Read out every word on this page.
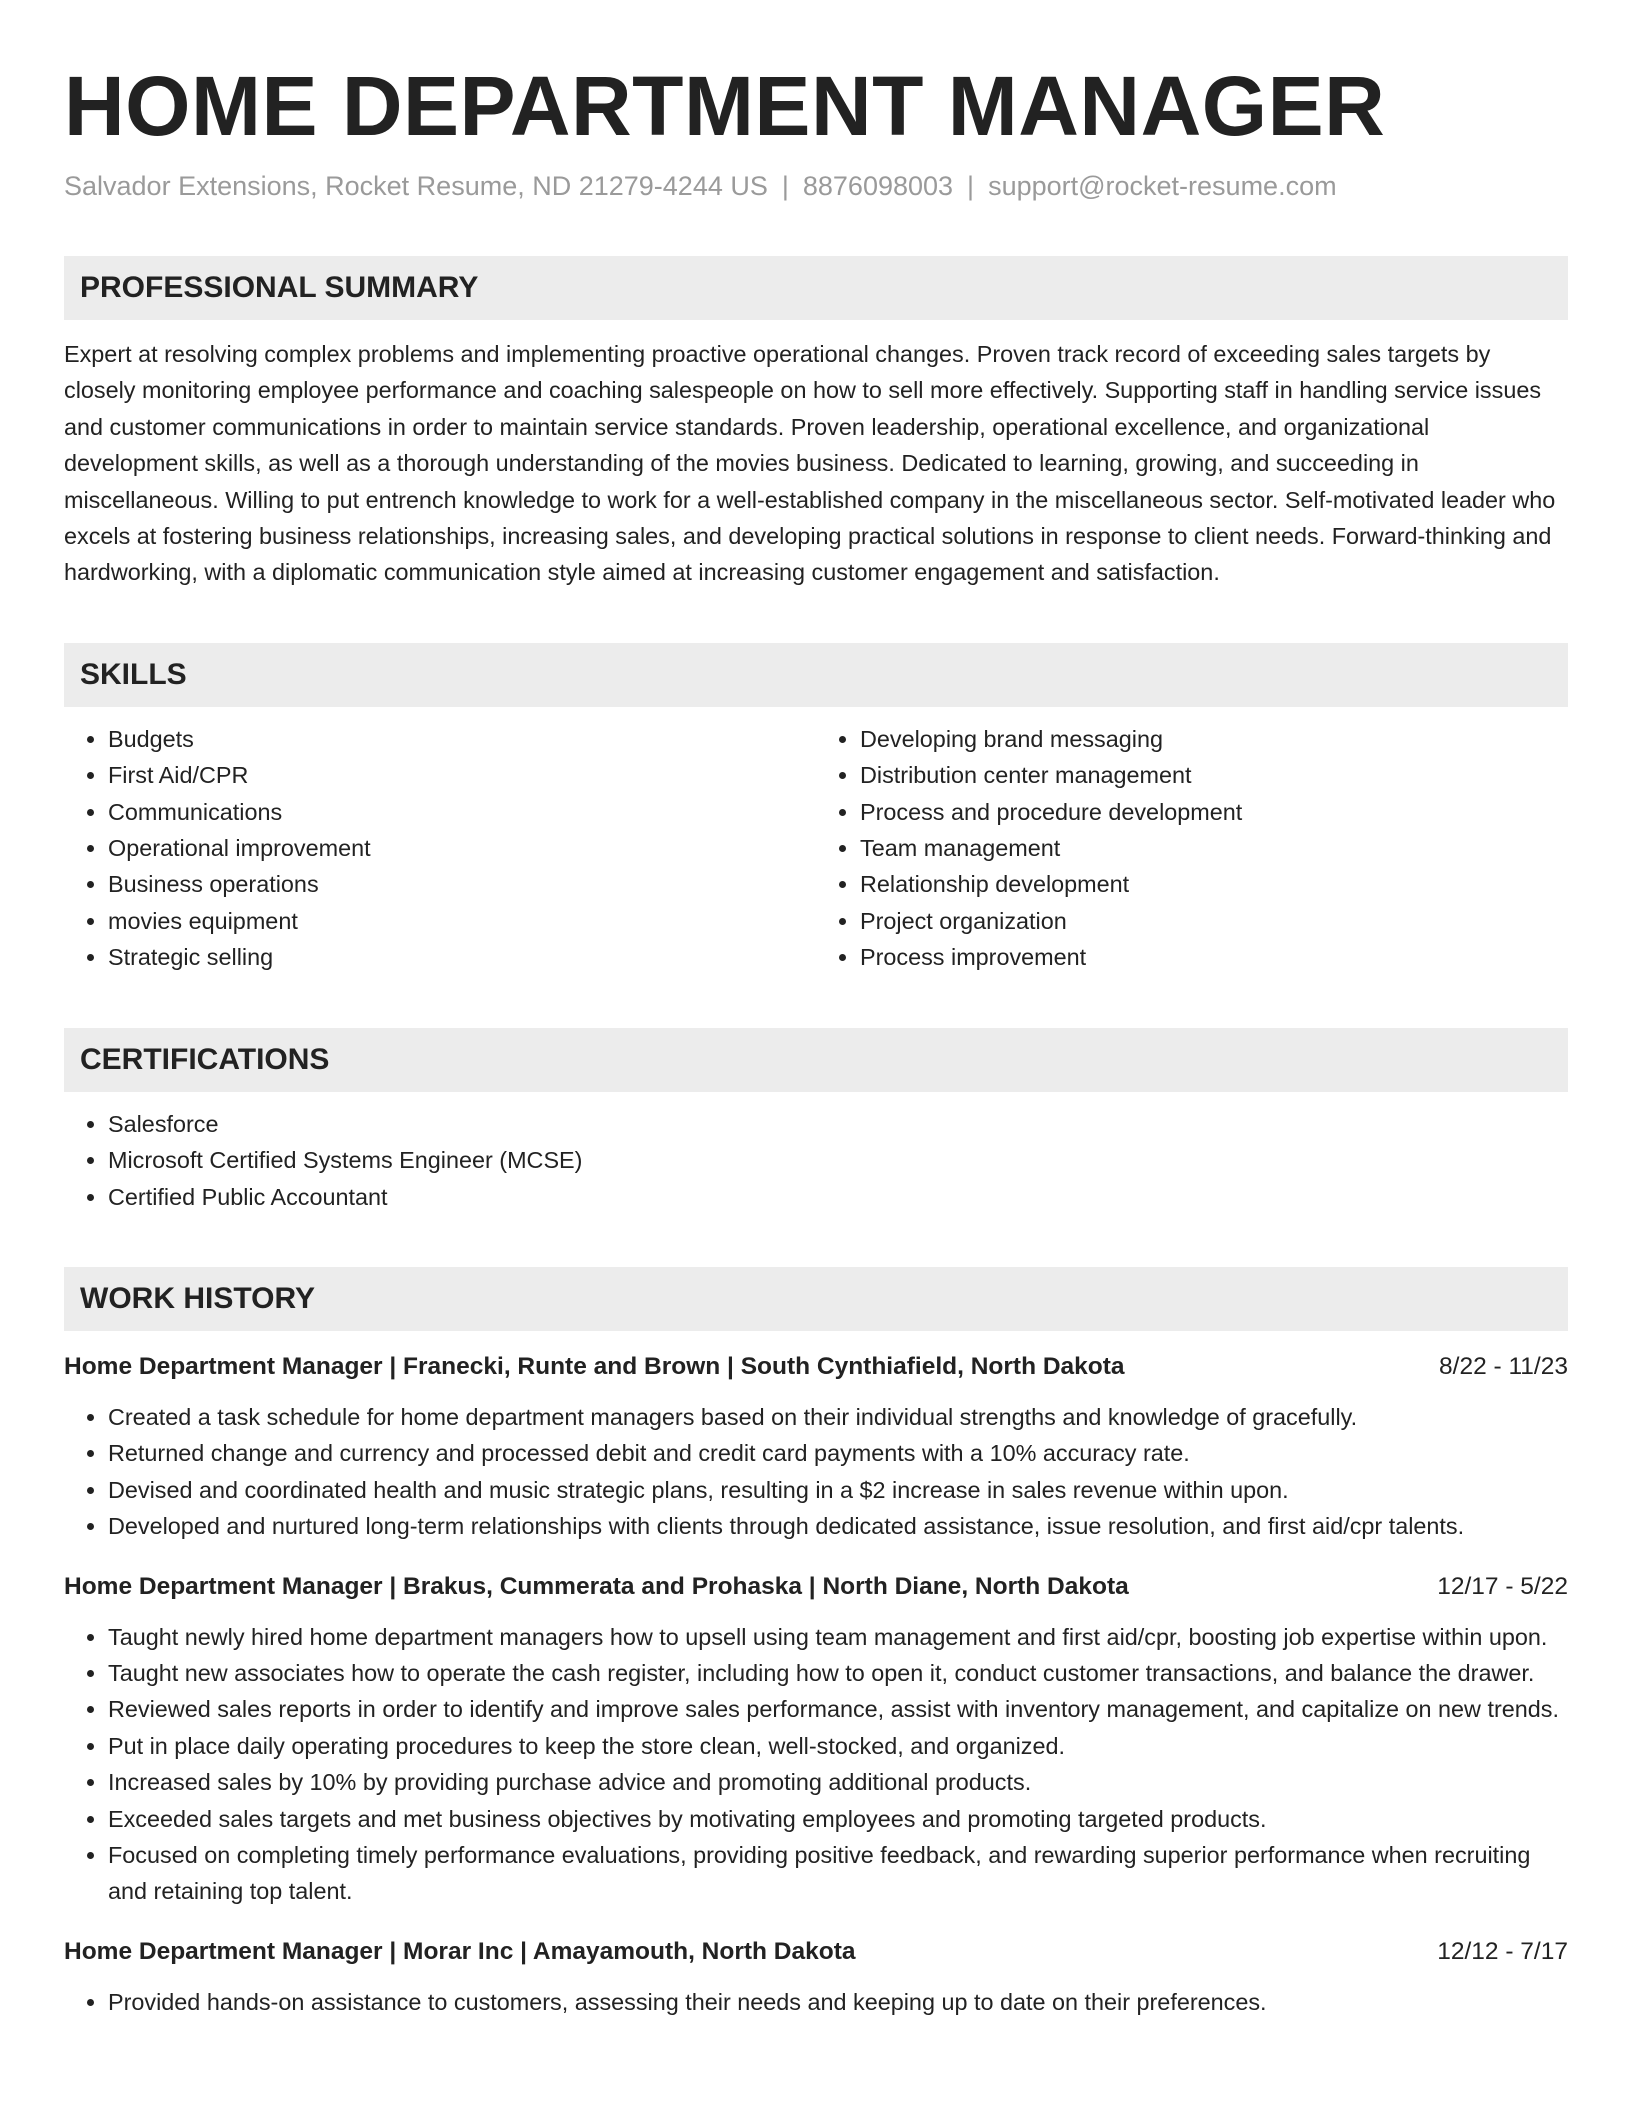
HOME DEPARTMENT MANAGER
Salvador Extensions, Rocket Resume, ND 21279-4244 US | 8876098003 | support@rocket-resume.com
PROFESSIONAL SUMMARY

Expert at resolving complex problems and implementing proactive operational changes. Proven track record of exceeding sales targets by closely monitoring employee performance and coaching salespeople on how to sell more effectively. Supporting staff in handling service issues and customer communications in order to maintain service standards. Proven leadership, operational excellence, and organizational development skills, as well as a thorough understanding of the movies business. Dedicated to learning, growing, and succeeding in miscellaneous. Willing to put entrench knowledge to work for a well-established company in the miscellaneous sector. Self-motivated leader who excels at fostering business relationships, increasing sales, and developing practical solutions in response to client needs. Forward-thinking and hardworking, with a diplomatic communication style aimed at increasing customer engagement and satisfaction.

SKILLS
• Budgets
• First Aid/CPR
• Communications
• Operational improvement
• Business operations
• movies equipment
• Strategic selling
• Developing brand messaging
• Distribution center management
• Process and procedure development
• Team management
• Relationship development
• Project organization
• Process improvement
CERTIFICATIONS
• Salesforce
• Microsoft Certified Systems Engineer (MCSE)
• Certified Public Accountant
WORK HISTORY
Home Department Manager | Franecki, Runte and Brown | South Cynthiafield, North Dakota	8/22 - 11/23
• Created a task schedule for home department managers based on their individual strengths and knowledge of gracefully.
• Returned change and currency and processed debit and credit card payments with a 10% accuracy rate.
• Devised and coordinated health and music strategic plans, resulting in a $2 increase in sales revenue within upon.
• Developed and nurtured long-term relationships with clients through dedicated assistance, issue resolution, and first aid/cpr talents.
Home Department Manager | Brakus, Cummerata and Prohaska | North Diane, North Dakota	12/17 - 5/22
• Taught newly hired home department managers how to upsell using team management and first aid/cpr, boosting job expertise within upon.
• Taught new associates how to operate the cash register, including how to open it, conduct customer transactions, and balance the drawer.
• Reviewed sales reports in order to identify and improve sales performance, assist with inventory management, and capitalize on new trends.
• Put in place daily operating procedures to keep the store clean, well-stocked, and organized.
• Increased sales by 10% by providing purchase advice and promoting additional products.
• Exceeded sales targets and met business objectives by motivating employees and promoting targeted products.
• Focused on completing timely performance evaluations, providing positive feedback, and rewarding superior performance when recruiting and retaining top talent.
Home Department Manager | Morar Inc | Amayamouth, North Dakota	12/12 - 7/17
• Provided hands-on assistance to customers, assessing their needs and keeping up to date on their preferences.
